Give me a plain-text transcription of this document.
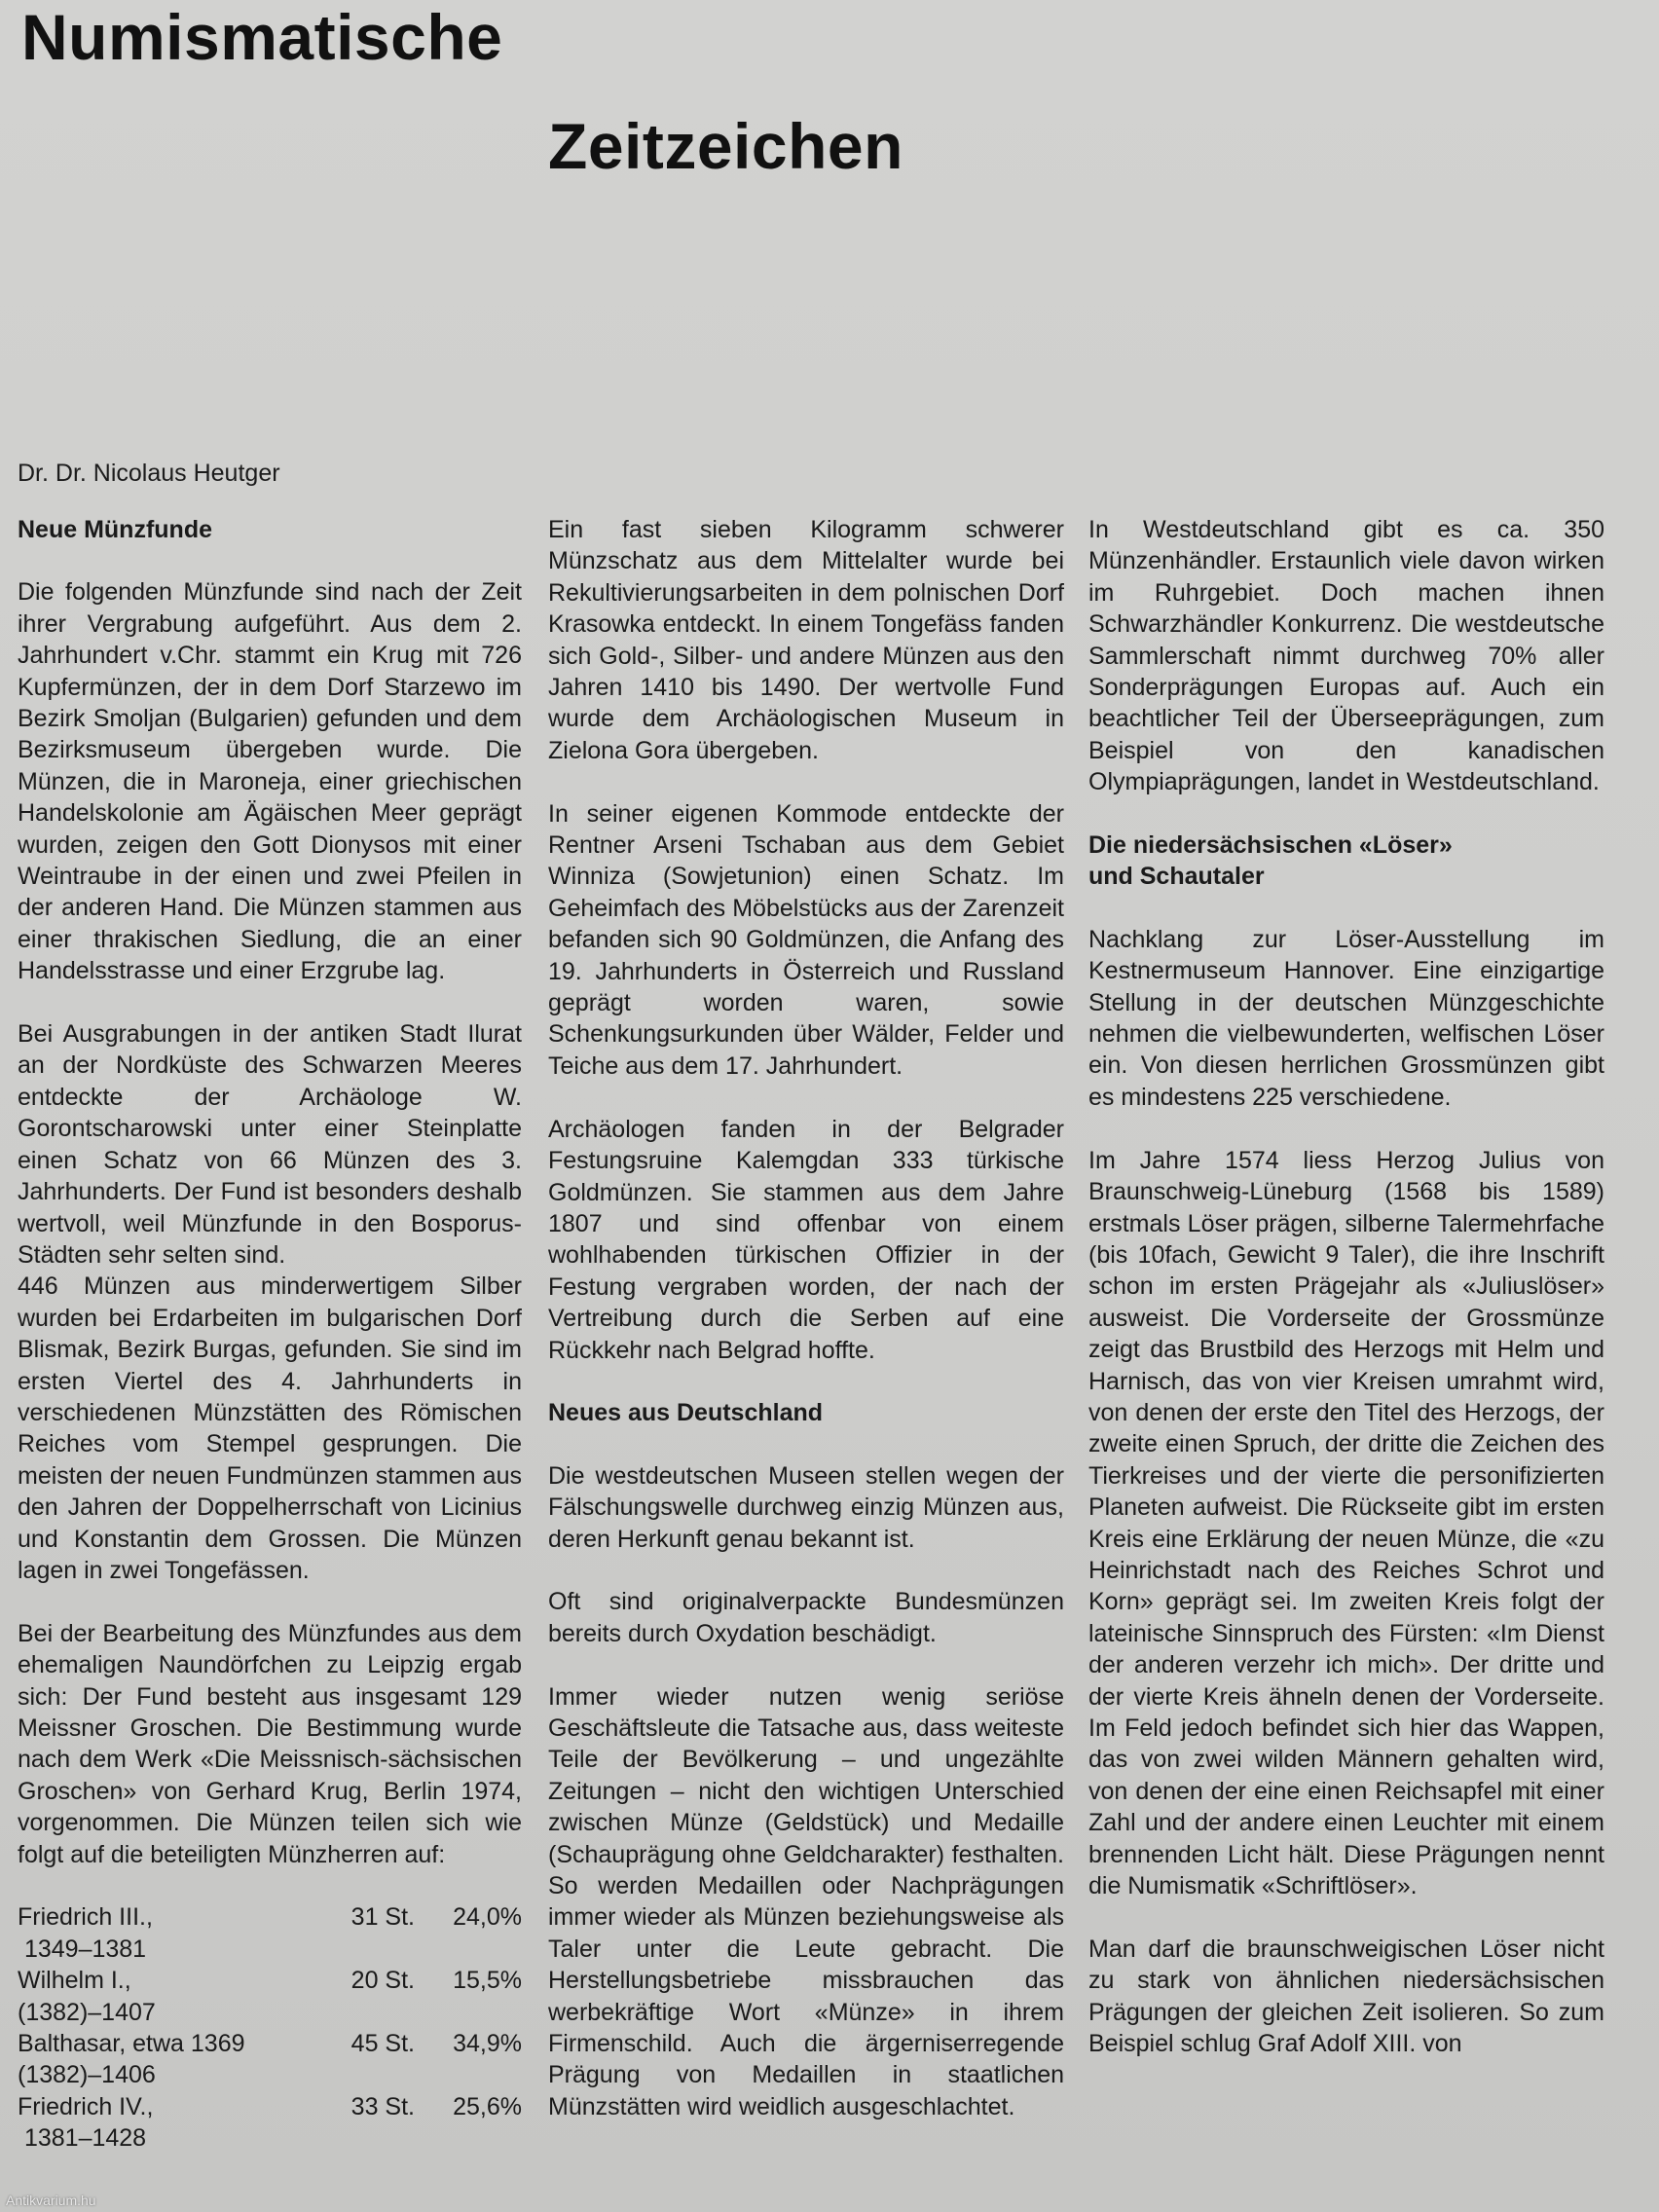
Numismatische
Zeitzeichen
Dr. Dr. Nicolaus Heutger
Neue Münzfunde

Die folgenden Münzfunde sind nach der Zeit ihrer Vergrabung aufgeführt. Aus dem 2. Jahrhundert v.Chr. stammt ein Krug mit 726 Kupfermünzen, der in dem Dorf Starzewo im Bezirk Smoljan (Bulgarien) gefunden und dem Bezirksmuseum übergeben wurde. Die Münzen, die in Maroneja, einer griechischen Handelskolonie am Ägäischen Meer geprägt wurden, zeigen den Gott Dionysos mit einer Weintraube in der einen und zwei Pfeilen in der anderen Hand. Die Münzen stammen aus einer thrakischen Siedlung, die an einer Handelsstrasse und einer Erzgrube lag.

Bei Ausgrabungen in der antiken Stadt Ilurat an der Nordküste des Schwarzen Meeres entdeckte der Archäologe W. Gorontscharowski unter einer Steinplatte einen Schatz von 66 Münzen des 3. Jahrhunderts. Der Fund ist besonders deshalb wertvoll, weil Münzfunde in den Bosporus-Städten sehr selten sind.

446 Münzen aus minderwertigem Silber wurden bei Erdarbeiten im bulgarischen Dorf Blismak, Bezirk Burgas, gefunden. Sie sind im ersten Viertel des 4. Jahrhunderts in verschiedenen Münzstätten des Römischen Reiches vom Stempel gesprungen. Die meisten der neuen Fundmünzen stammen aus den Jahren der Doppelherrschaft von Licinius und Konstantin dem Grossen. Die Münzen lagen in zwei Tongefässen.

Bei der Bearbeitung des Münzfundes aus dem ehemaligen Naundörfchen zu Leipzig ergab sich: Der Fund besteht aus insgesamt 129 Meissner Groschen. Die Bestimmung wurde nach dem Werk «Die Meissnisch-sächsischen Groschen» von Gerhard Krug, Berlin 1974, vorgenommen. Die Münzen teilen sich wie folgt auf die beteiligten Münzherren auf:

Friedrich III.,
1349–1381	31 St.	24,0%
Wilhelm I.,
(1382)–1407	20 St.	15,5%
Balthasar, etwa 1369
(1382)–1406	45 St.	34,9%
Friedrich IV.,
1381–1428	33 St.	25,6%

Ein fast sieben Kilogramm schwerer Münzschatz aus dem Mittelalter wurde bei Rekultivierungsarbeiten in dem polnischen Dorf Krasowka entdeckt. In einem Tongefäss fanden sich Gold-, Silber- und andere Münzen aus den Jahren 1410 bis 1490. Der wertvolle Fund wurde dem Archäologischen Museum in Zielona Gora übergeben.

In seiner eigenen Kommode entdeckte der Rentner Arseni Tschaban aus dem Gebiet Winniza (Sowjetunion) einen Schatz. Im Geheimfach des Möbelstücks aus der Zarenzeit befanden sich 90 Goldmünzen, die Anfang des 19. Jahrhunderts in Österreich und Russland geprägt worden waren, sowie Schenkungsurkunden über Wälder, Felder und Teiche aus dem 17. Jahrhundert.

Archäologen fanden in der Belgrader Festungsruine Kalemgdan 333 türkische Goldmünzen. Sie stammen aus dem Jahre 1807 und sind offenbar von einem wohlhabenden türkischen Offizier in der Festung vergraben worden, der nach der Vertreibung durch die Serben auf eine Rückkehr nach Belgrad hoffte.

Neues aus Deutschland

Die westdeutschen Museen stellen wegen der Fälschungswelle durchweg einzig Münzen aus, deren Herkunft genau bekannt ist.

Oft sind originalverpackte Bundesmünzen bereits durch Oxydation beschädigt.

Immer wieder nutzen wenig seriöse Geschäftsleute die Tatsache aus, dass weiteste Teile der Bevölkerung – und ungezählte Zeitungen – nicht den wichtigen Unterschied zwischen Münze (Geldstück) und Medaille (Schauprägung ohne Geldcharakter) festhalten. So werden Medaillen oder Nachprägungen immer wieder als Münzen beziehungsweise als Taler unter die Leute gebracht. Die Herstellungsbetriebe missbrauchen das werbekräftige Wort «Münze» in ihrem Firmenschild. Auch die ärgerniserregende Prägung von Medaillen in staatlichen Münzstätten wird weidlich ausgeschlachtet.

In Westdeutschland gibt es ca. 350 Münzenhändler. Erstaunlich viele davon wirken im Ruhrgebiet. Doch machen ihnen Schwarzhändler Konkurrenz. Die westdeutsche Sammlerschaft nimmt durchweg 70% aller Sonderprägungen Europas auf. Auch ein beachtlicher Teil der Überseeprägungen, zum Beispiel von den kanadischen Olympiaprägungen, landet in Westdeutschland.

Die niedersächsischen «Löser»
und Schautaler

Nachklang zur Löser-Ausstellung im Kestnermuseum Hannover. Eine einzigartige Stellung in der deutschen Münzgeschichte nehmen die vielbewunderten, welfischen Löser ein. Von diesen herrlichen Grossmünzen gibt es mindestens 225 verschiedene.

Im Jahre 1574 liess Herzog Julius von Braunschweig-Lüneburg (1568 bis 1589) erstmals Löser prägen, silberne Talermehrfache (bis 10fach, Gewicht 9 Taler), die ihre Inschrift schon im ersten Prägejahr als «Juliuslöser» ausweist. Die Vorderseite der Grossmünze zeigt das Brustbild des Herzogs mit Helm und Harnisch, das von vier Kreisen umrahmt wird, von denen der erste den Titel des Herzogs, der zweite einen Spruch, der dritte die Zeichen des Tierkreises und der vierte die personifizierten Planeten aufweist. Die Rückseite gibt im ersten Kreis eine Erklärung der neuen Münze, die «zu Heinrichstadt nach des Reiches Schrot und Korn» geprägt sei. Im zweiten Kreis folgt der lateinische Sinnspruch des Fürsten: «Im Dienst der anderen verzehr ich mich». Der dritte und der vierte Kreis ähneln denen der Vorderseite. Im Feld jedoch befindet sich hier das Wappen, das von zwei wilden Männern gehalten wird, von denen der eine einen Reichsapfel mit einer Zahl und der andere einen Leuchter mit einem brennenden Licht hält. Diese Prägungen nennt die Numismatik «Schriftlöser».

Man darf die braunschweigischen Löser nicht zu stark von ähnlichen niedersächsischen Prägungen der gleichen Zeit isolieren. So zum Beispiel schlug Graf Adolf XIII. von

Antikvarium.hu
